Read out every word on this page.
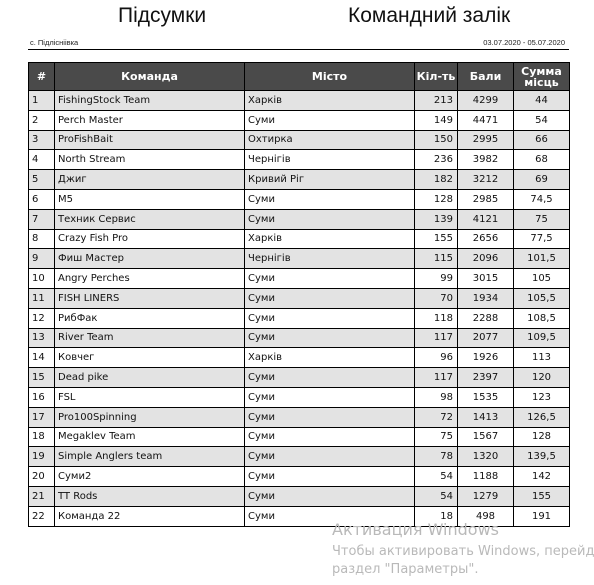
Підсумки	Командний залік
с. Підлісніівка	03.07.2020 - 05.07.2020
#	Команда	Місто	Кіл-ть	Бали	Сумма місць
1	FishingStock Team	Харків	213	4299	44
2	Perch Master	Суми	149	4471	54
3	ProFishBait	Охтирка	150	2995	66
4	North Stream	Чернігів	236	3982	68
5	Джиг	Кривий Ріг	182	3212	69
6	M5	Суми	128	2985	74,5
7	Техник Сервис	Суми	139	4121	75
8	Crazy Fish Pro	Харків	155	2656	77,5
9	Фиш Мастер	Чернігів	115	2096	101,5
10	Angry Perches	Суми	99	3015	105
11	FISH LINERS	Суми	70	1934	105,5
12	РибФак	Суми	118	2288	108,5
13	River Team	Суми	117	2077	109,5
14	Ковчег	Харків	96	1926	113
15	Dead pike	Суми	117	2397	120
16	FSL	Суми	98	1535	123
17	Pro100Spinning	Суми	72	1413	126,5
18	Megaklev Team	Суми	75	1567	128
19	Simple Anglers team	Суми	78	1320	139,5
20	Суми2	Суми	54	1188	142
21	TT Rods	Суми	54	1279	155
22	Команда 22	Суми	18	498	191
Активация Windows
Чтобы активировать Windows, перейд
раздел "Параметры".
